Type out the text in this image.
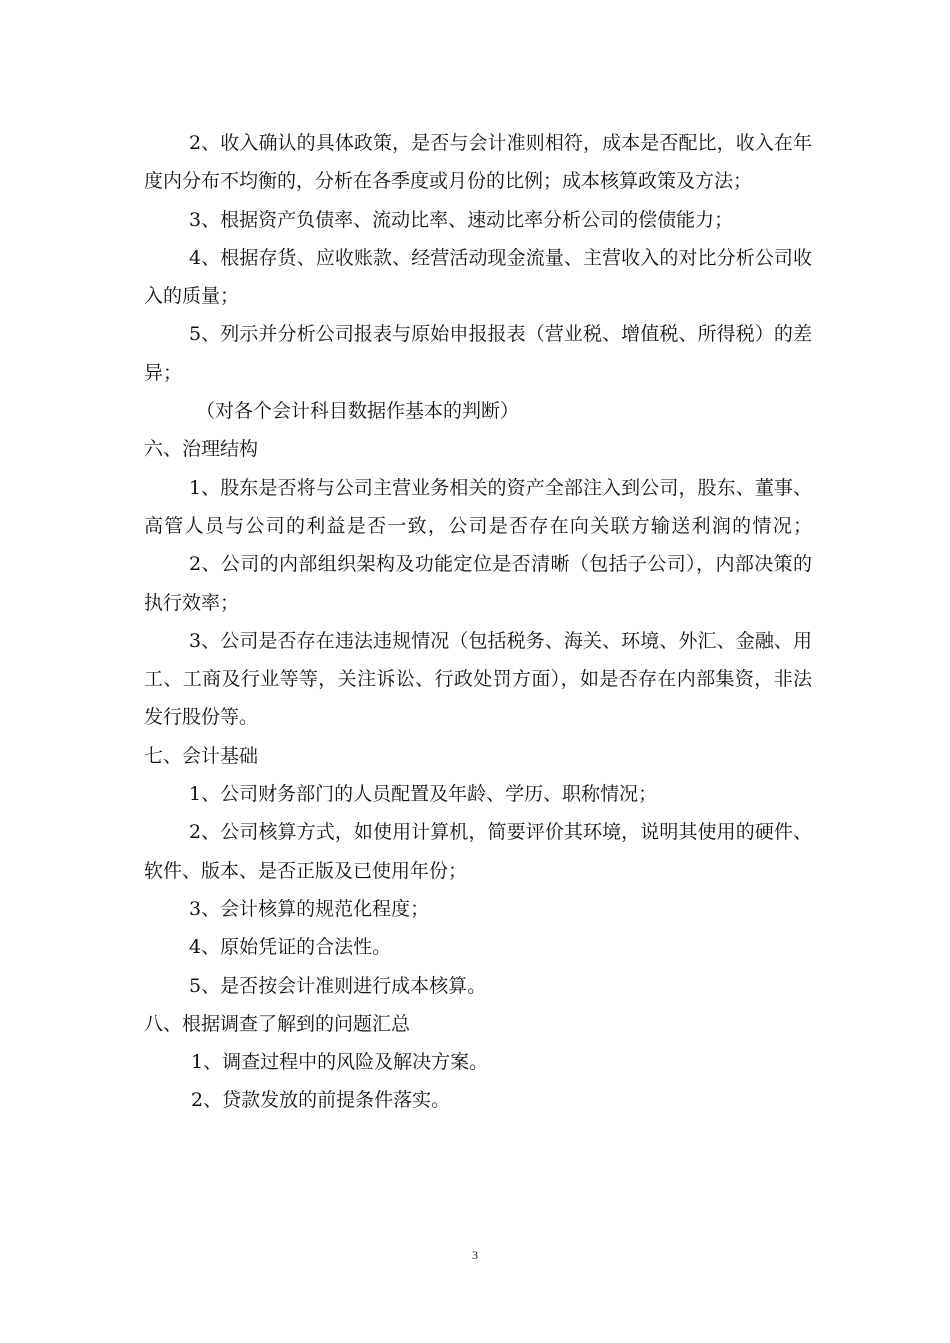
2、收入确认的具体政策，是否与会计准则相符，成本是否配比，收入在年
度内分布不均衡的，分析在各季度或月份的比例；成本核算政策及方法；
3、根据资产负债率、流动比率、速动比率分析公司的偿债能力；
4、根据存货、应收账款、经营活动现金流量、主营收入的对比分析公司收
入的质量；
5、列示并分析公司报表与原始申报报表（营业税、增值税、所得税）的差
异；
（对各个会计科目数据作基本的判断）
六、治理结构
1、股东是否将与公司主营业务相关的资产全部注入到公司，股东、董事、
高管人员与公司的利益是否一致，公司是否存在向关联方输送利润的情况；
2、公司的内部组织架构及功能定位是否清晰（包括子公司），内部决策的
执行效率；
3、公司是否存在违法违规情况（包括税务、海关、环境、外汇、金融、用
工、工商及行业等等，关注诉讼、行政处罚方面），如是否存在内部集资，非法
发行股份等。
七、会计基础
1、公司财务部门的人员配置及年龄、学历、职称情况；
2、公司核算方式，如使用计算机，简要评价其环境，说明其使用的硬件、
软件、版本、是否正版及已使用年份；
3、会计核算的规范化程度；
4、原始凭证的合法性。
5、是否按会计准则进行成本核算。
八、根据调查了解到的问题汇总
1、调查过程中的风险及解决方案。
2、贷款发放的前提条件落实。
3
